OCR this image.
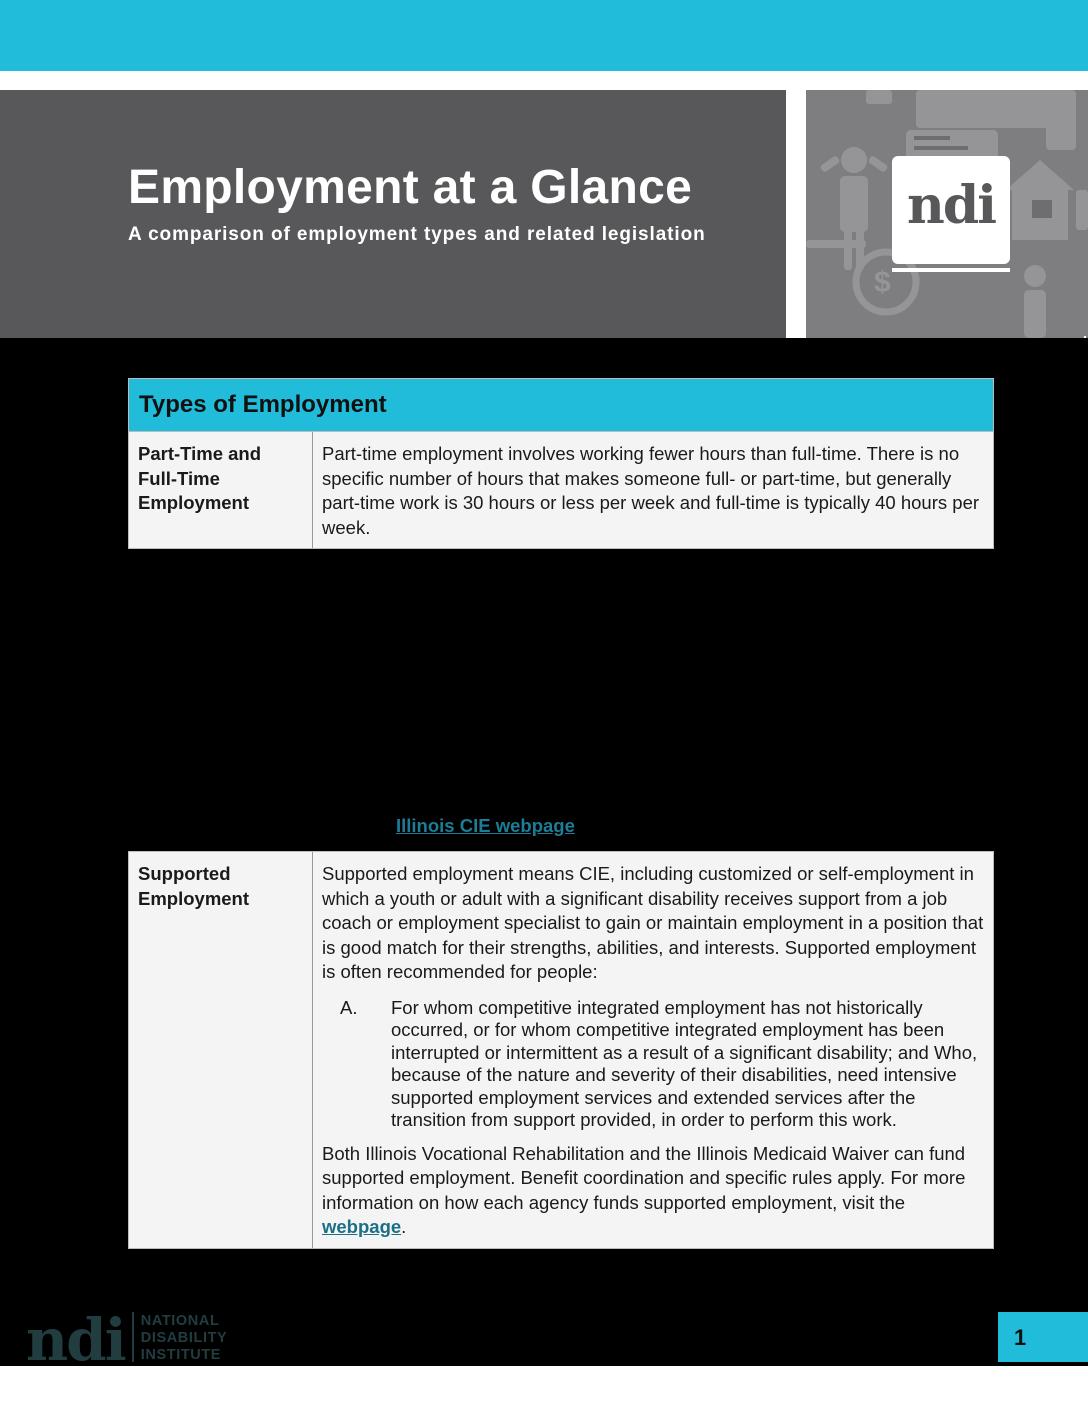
Employment at a Glance
A comparison of employment types and related legislation
$
ndi
Types of Employment
Part-Time and Full-Time Employment
Part-time employment involves working fewer hours than full-time. There is no specific number of hours that makes someone full- or part-time, but generally part-time work is 30 hours or less per week and full-time is typically 40 hours per week.
Illinois CIE webpage
Supported Employment

Supported employment means CIE, including customized or self-employment in which a youth or adult with a significant disability receives support from a job coach or employment specialist to gain or maintain employment in a position that is good match for their strengths, abilities, and interests. Supported employment is often recommended for people:

A.	For whom competitive integrated employment has not historically occurred, or for whom competitive integrated employment has been interrupted or intermittent as a result of a significant disability; and Who, because of the nature and severity of their disabilities, need intensive supported employment services and extended services after the transition from support provided, in order to perform this work.

Both Illinois Vocational Rehabilitation and the Illinois Medicaid Waiver can fund supported employment. Benefit coordination and specific rules apply. For more information on how each agency funds supported employment, visit the webpage.

ndi NATIONAL
DISABILITY
INSTITUTE
1
